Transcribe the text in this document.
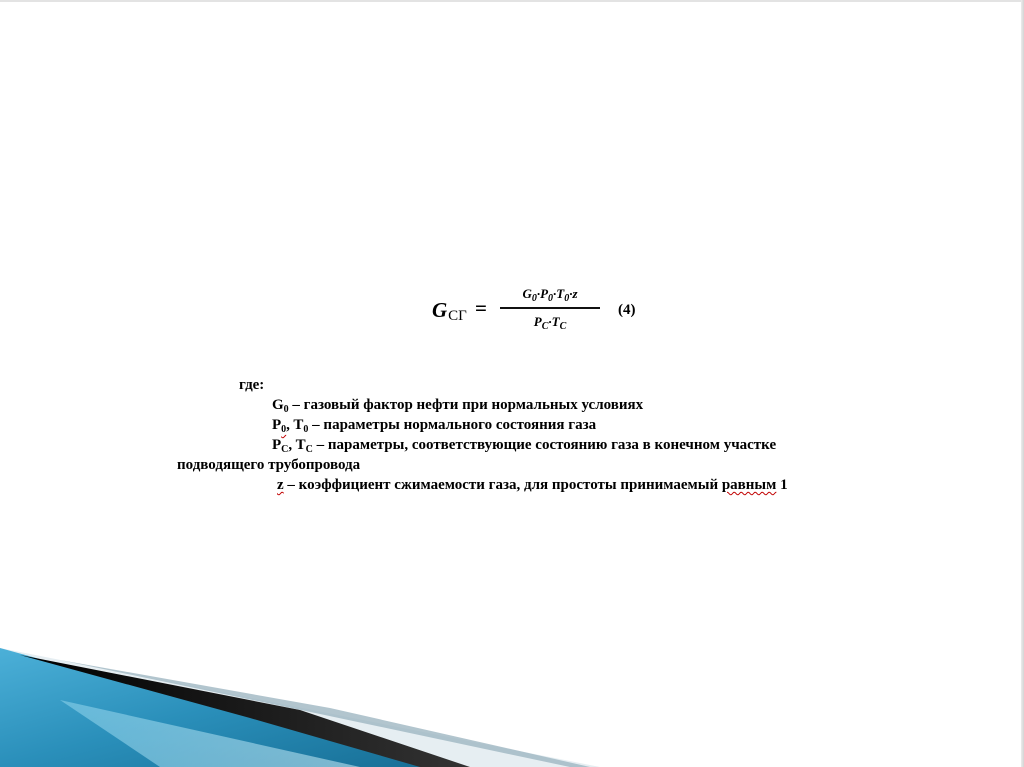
GСГ =
$G_0\cdot P_0\cdot T_0\cdot z$
$P_C\cdot T_C$
(4)
где:
$G_0$ – газовый фактор нефти при нормальных условиях
$P_0$, $T_0$ – параметры нормального состояния газа
$P_C$, $T_C$ – параметры, соответствующие состоянию газа в конечном участке
подводящего трубопровода
z – коэффициент сжимаемости газа, для простоты принимаемый равным 1
